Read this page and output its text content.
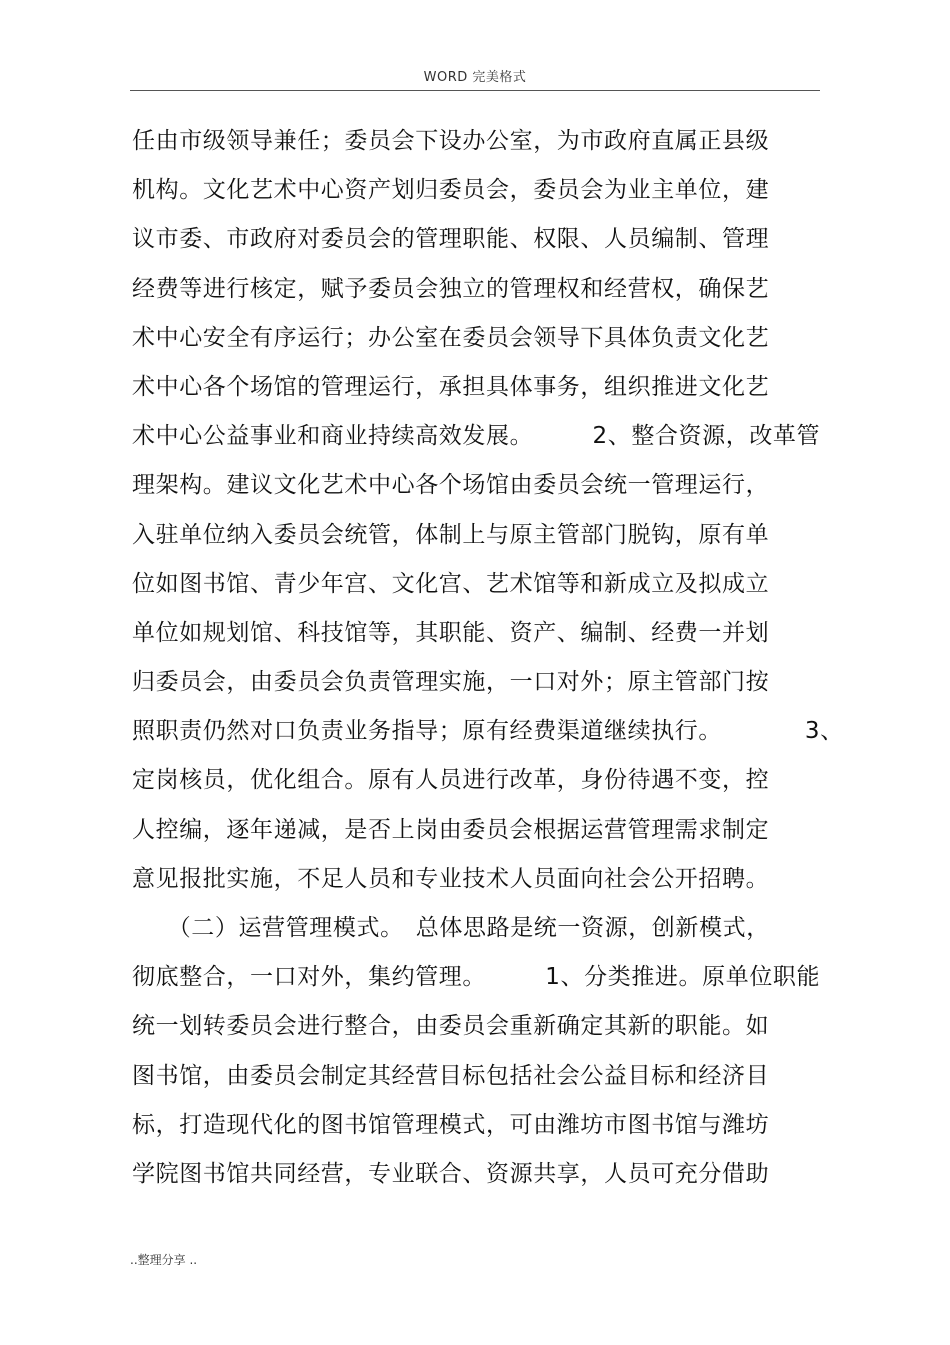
WORD 完美格式
任由市级领导兼任；委员会下设办公室，为市政府直属正县级
机构。文化艺术中心资产划归委员会，委员会为业主单位，建
议市委、市政府对委员会的管理职能、权限、人员编制、管理
经费等进行核定，赋予委员会独立的管理权和经营权，确保艺
术中心安全有序运行；办公室在委员会领导下具体负责文化艺
术中心各个场馆的管理运行，承担具体事务，组织推进文化艺
术中心公益事业和商业持续高效发展。　　　2、整合资源，改革管
理架构。建议文化艺术中心各个场馆由委员会统一管理运行，
入驻单位纳入委员会统管，体制上与原主管部门脱钩，原有单
位如图书馆、青少年宫、文化宫、艺术馆等和新成立及拟成立
单位如规划馆、科技馆等，其职能、资产、编制、经费一并划
归委员会，由委员会负责管理实施，一口对外；原主管部门按
照职责仍然对口负责业务指导；原有经费渠道继续执行。　　　　3、
定岗核员，优化组合。原有人员进行改革，身份待遇不变，控
人控编，逐年递减，是否上岗由委员会根据运营管理需求制定
意见报批实施，不足人员和专业技术人员面向社会公开招聘。
　　（二）运营管理模式。　总体思路是统一资源，创新模式，
彻底整合，一口对外，集约管理。　　　1、分类推进。原单位职能
统一划转委员会进行整合，由委员会重新确定其新的职能。如
图书馆，由委员会制定其经营目标包括社会公益目标和经济目
标，打造现代化的图书馆管理模式，可由潍坊市图书馆与潍坊
学院图书馆共同经营，专业联合、资源共享，人员可充分借助
..整理分享 ..
